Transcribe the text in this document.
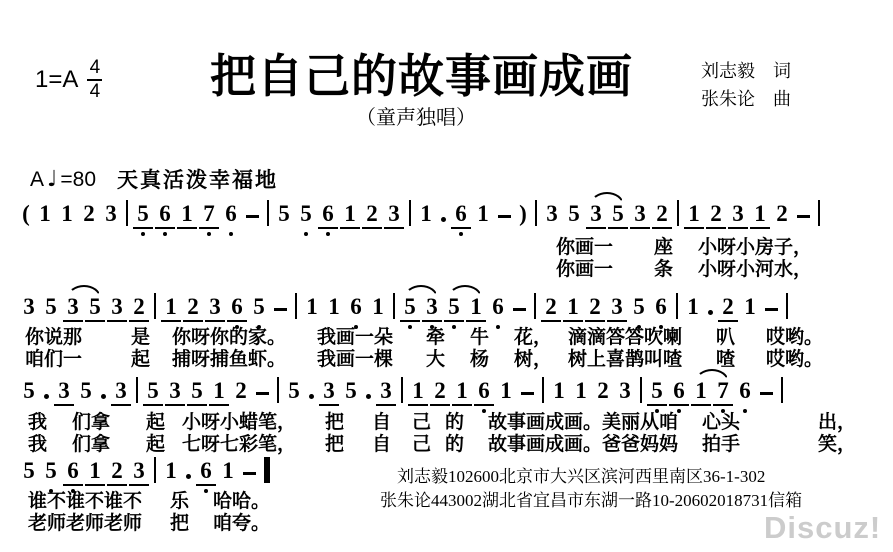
1=A 4
4 把自己的故事画成画
（童声独唱）
刘志毅　词
张朱论　曲
A ♩ =80 天真活泼幸福地
( 1 1 2 3 5 6 1 7 6 5 5 6 1 2 3 1 6 1 ) 3 5 3 5 3 2 1 2 3 1 2
3 5 3 5 3 2 1 2 3 6 5 1 1 6 1 5 3 5 1 6 2 1 2 3 5 6 1 2 1
5 3 5 3 5 3 5 1 2 5 3 5 3 1 2 1 6 1 1 1 2 3 5 6 1 7 6
5 5 6 1 2 3 1 6 1
你画一 座 小呀小房子，
你画一 条 小呀小河水，
你说那	是 你呀你的家。 我画一朵 牵 牛 花， 滴滴答答吹喇 叭 哎哟。
咱们一	起 捕呀捕鱼虾。 我画一棵 大 杨 树， 树上喜鹊叫喳 喳 哎哟。
我 们拿 起 小呀小蜡笔， 把 自 己 的 故事画成画。 美丽从咱 心头	出，
我 们拿 起 七呀七彩笔， 把 自 己 的 故事画成画。 爸爸妈妈 拍手	笑，
谁不谁不谁不 乐 哈哈。
老师老师老师 把 咱夸。
刘志毅102600北京市大兴区滨河西里南区36-1-302
张朱论443002湖北省宜昌市东湖一路10-20602018731信箱
Discuz!
